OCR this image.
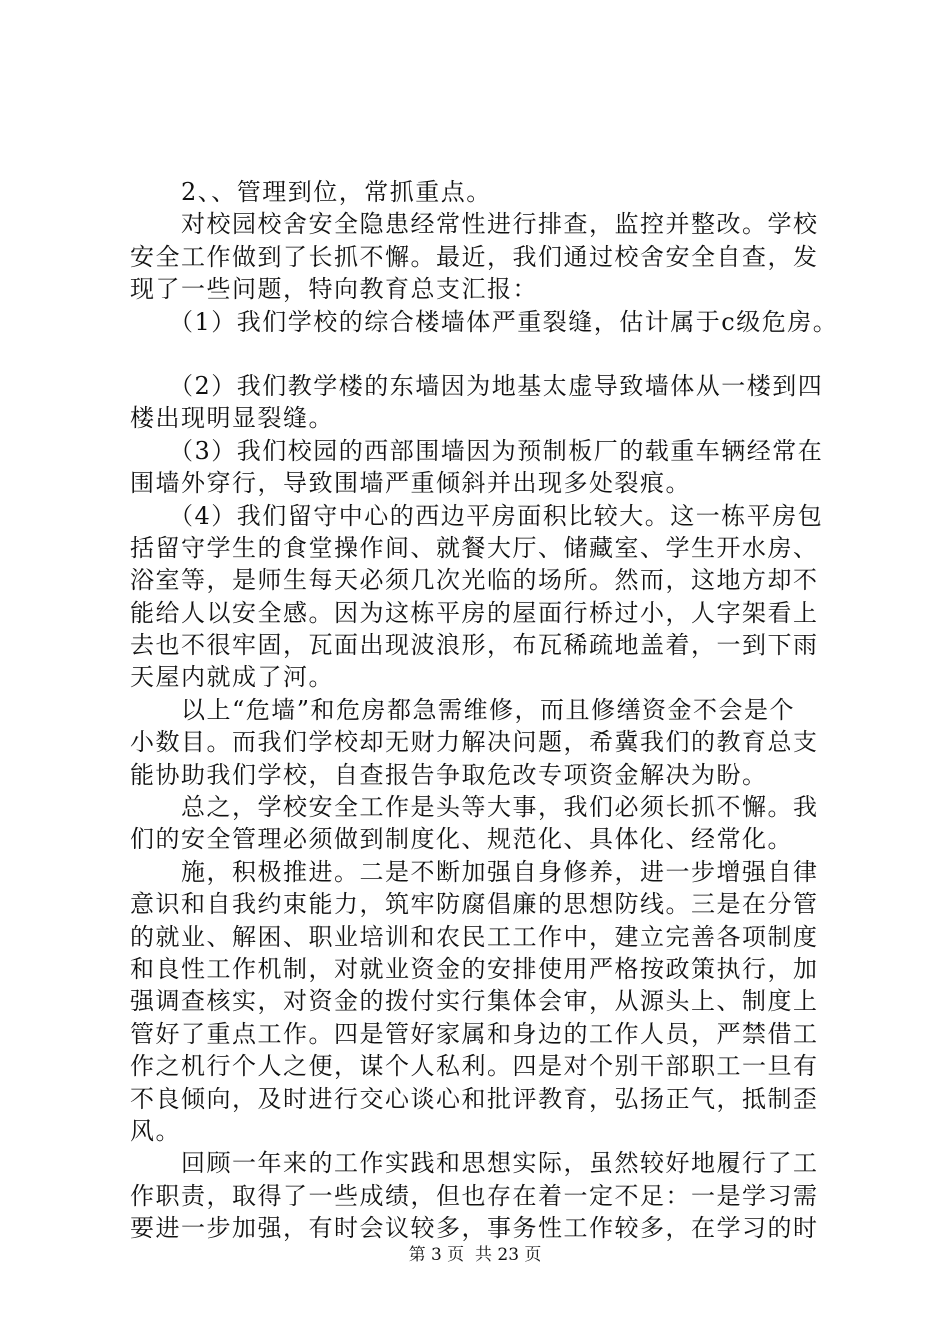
　　2、、管理到位，常抓重点。
　　对校园校舍安全隐患经常性进行排查，监控并整改。学校
安全工作做到了长抓不懈。最近，我们通过校舍安全自查，发
现了一些问题，特向教育总支汇报：
　　（1）我们学校的综合楼墙体严重裂缝，估计属于c级危房。
　　（2）我们教学楼的东墙因为地基太虚导致墙体从一楼到四
楼出现明显裂缝。
　　（3）我们校园的西部围墙因为预制板厂的载重车辆经常在
围墙外穿行，导致围墙严重倾斜并出现多处裂痕。
　　（4）我们留守中心的西边平房面积比较大。这一栋平房包
括留守学生的食堂操作间、就餐大厅、储藏室、学生开水房、
浴室等，是师生每天必须几次光临的场所。然而，这地方却不
能给人以安全感。因为这栋平房的屋面行桥过小，人字架看上
去也不很牢固，瓦面出现波浪形，布瓦稀疏地盖着，一到下雨
天屋内就成了河。
　　以上“危墙”和危房都急需维修，而且修缮资金不会是个
小数目。而我们学校却无财力解决问题，希冀我们的教育总支
能协助我们学校，自查报告争取危改专项资金解决为盼。
　　总之，学校安全工作是头等大事，我们必须长抓不懈。我
们的安全管理必须做到制度化、规范化、具体化、经常化。
　　施，积极推进。二是不断加强自身修养，进一步增强自律
意识和自我约束能力，筑牢防腐倡廉的思想防线。三是在分管
的就业、解困、职业培训和农民工工作中，建立完善各项制度
和良性工作机制，对就业资金的安排使用严格按政策执行，加
强调查核实，对资金的拨付实行集体会审，从源头上、制度上
管好了重点工作。四是管好家属和身边的工作人员，严禁借工
作之机行个人之便，谋个人私利。四是对个别干部职工一旦有
不良倾向，及时进行交心谈心和批评教育，弘扬正气，抵制歪
风。
　　回顾一年来的工作实践和思想实际，虽然较好地履行了工
作职责，取得了一些成绩，但也存在着一定不足：一是学习需
要进一步加强，有时会议较多，事务性工作较多，在学习的时
第 3 页  共 23 页
